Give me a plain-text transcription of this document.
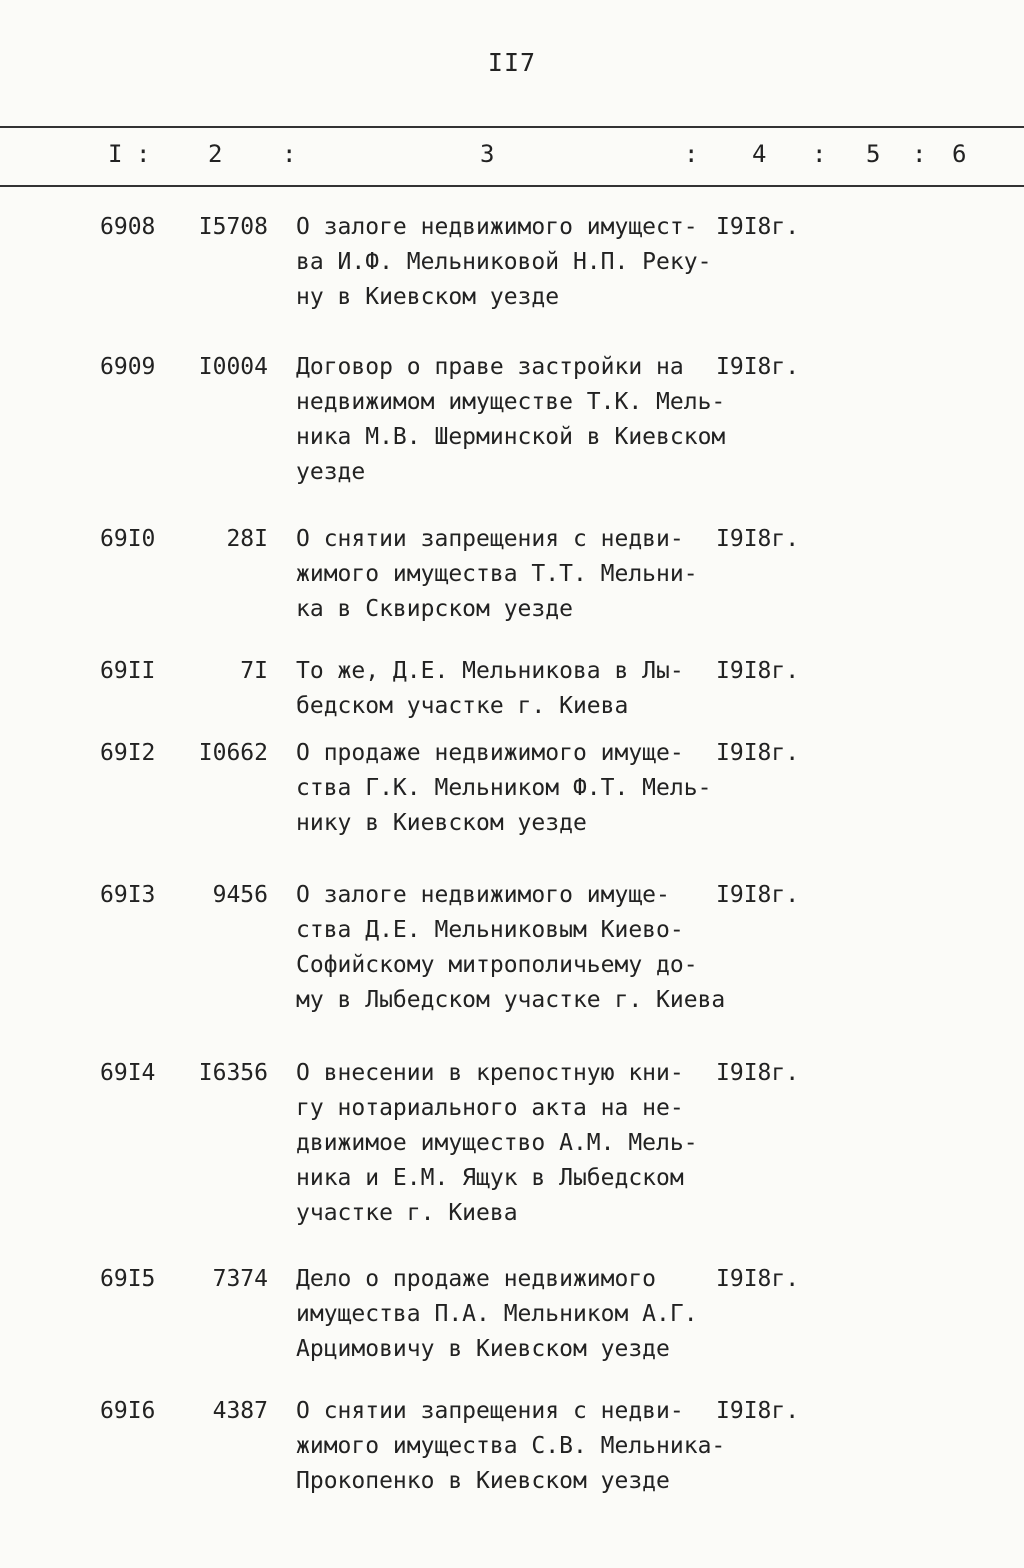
II7
I : 2 :	3	: 4 : 5 : 6
6908	I5708 О залоге недвижимого имущест-
ва И.Ф. Мельниковой Н.П. Реку-
ну в Киевском уезде
I9I8г.
6909	I0004 Договор о праве застройки на
недвижимом имуществе Т.К. Мель-
ника М.В. Шерминской в Киевском
уезде
I9I8г.
69I0	28I О снятии запрещения с недви-
жимого имущества Т.Т. Мельни-
ка в Сквирском уезде
I9I8г.
69II	7I То же, Д.Е. Мельникова в Лы-
бедском участке г. Киева
I9I8г.
69I2	I0662 О продаже недвижимого имуще-
ства Г.К. Мельником Ф.Т. Мель-
нику в Киевском уезде
I9I8г.
69I3	9456 О залоге недвижимого имуще-
ства Д.Е. Мельниковым Киево-
Софийскому митрополичьему до-
му в Лыбедском участке г. Киева
I9I8г.
69I4	I6356 О внесении в крепостную кни-
гу нотариального акта на не-
движимое имущество А.М. Мель-
ника и Е.М. Ящук в Лыбедском
участке г. Киева
I9I8г.
69I5	7374 Дело о продаже недвижимого
имущества П.А. Мельником А.Г.
Арцимовичу в Киевском уезде
I9I8г.
69I6	4387 О снятии запрещения с недви-
жимого имущества С.В. Мельника-
Прокопенко в Киевском уезде
I9I8г.
